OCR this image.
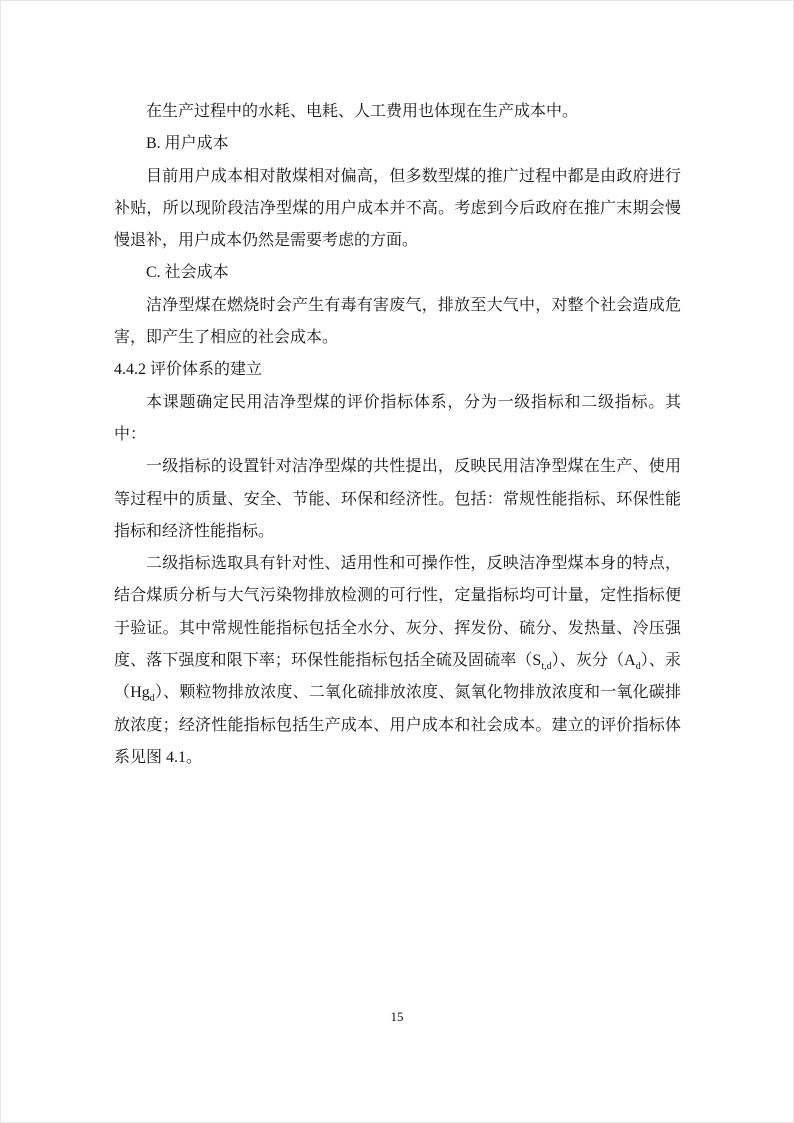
在生产过程中的水耗、电耗、人工费用也体现在生产成本中。

B. 用户成本

目前用户成本相对散煤相对偏高，但多数型煤的推广过程中都是由政府进行补贴，所以现阶段洁净型煤的用户成本并不高。考虑到今后政府在推广末期会慢慢退补，用户成本仍然是需要考虑的方面。

C. 社会成本

洁净型煤在燃烧时会产生有毒有害废气，排放至大气中，对整个社会造成危害，即产生了相应的社会成本。

4.4.2 评价体系的建立

本课题确定民用洁净型煤的评价指标体系，分为一级指标和二级指标。其中：

一级指标的设置针对洁净型煤的共性提出，反映民用洁净型煤在生产、使用等过程中的质量、安全、节能、环保和经济性。包括：常规性能指标、环保性能指标和经济性能指标。

二级指标选取具有针对性、适用性和可操作性，反映洁净型煤本身的特点，结合煤质分析与大气污染物排放检测的可行性，定量指标均可计量，定性指标便于验证。其中常规性能指标包括全水分、灰分、挥发份、硫分、发热量、冷压强度、落下强度和限下率；环保性能指标包括全硫及固硫率$(S_{t,d})$、灰分$(A_d)$、汞$(Hg_d)$、颗粒物排放浓度、二氧化硫排放浓度、氮氧化物排放浓度和一氧化碳排放浓度；经济性能指标包括生产成本、用户成本和社会成本。建立的评价指标体系见图 4.1。

15
